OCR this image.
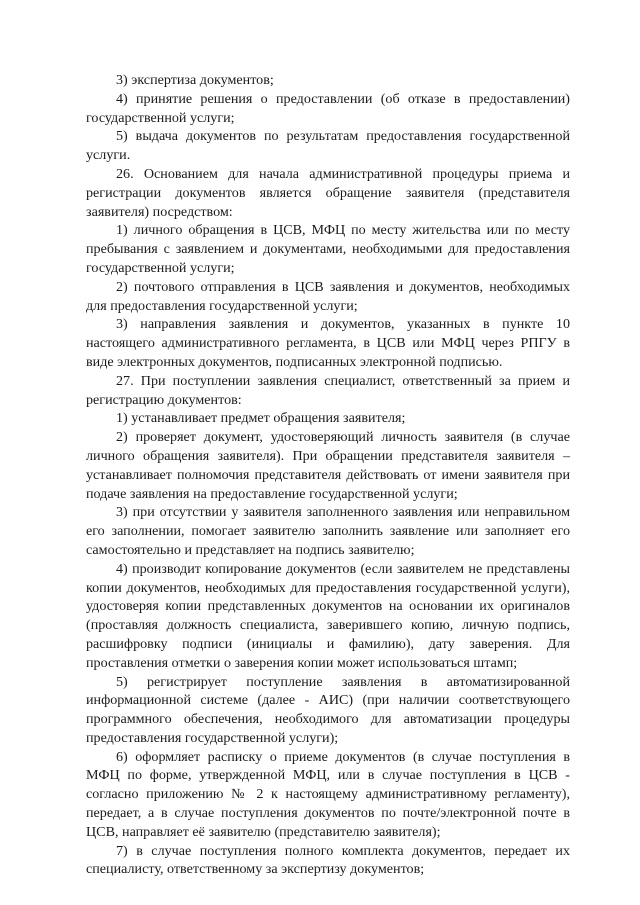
3) экспертиза документов;

4) принятие решения о предоставлении (об отказе в предоставлении) государственной услуги;

5) выдача документов по результатам предоставления государственной услуги.

26. Основанием для начала административной процедуры приема и регистрации документов является обращение заявителя (представителя заявителя) посредством:

1) личного обращения в ЦСВ, МФЦ по месту жительства или по месту пребывания с заявлением и документами, необходимыми для предоставления государственной услуги;

2) почтового отправления в ЦСВ заявления и документов, необходимых для предоставления государственной услуги;

3) направления заявления и документов, указанных в пункте 10 настоящего административного регламента, в ЦСВ или МФЦ через РПГУ в виде электронных документов, подписанных электронной подписью.

27. При поступлении заявления специалист, ответственный за прием и регистрацию документов:

1) устанавливает предмет обращения заявителя;

2) проверяет документ, удостоверяющий личность заявителя (в случае личного обращения заявителя). При обращении представителя заявителя – устанавливает полномочия представителя действовать от имени заявителя при подаче заявления на предоставление государственной услуги;

3) при отсутствии у заявителя заполненного заявления или неправильном его заполнении, помогает заявителю заполнить заявление или заполняет его самостоятельно и представляет на подпись заявителю;

4) производит копирование документов (если заявителем не представлены копии документов, необходимых для предоставления государственной услуги), удостоверяя копии представленных документов на основании их оригиналов (проставляя должность специалиста, заверившего копию, личную подпись, расшифровку подписи (инициалы и фамилию), дату заверения. Для проставления отметки о заверения копии может использоваться штамп;

5) регистрирует поступление заявления в автоматизированной информационной системе (далее - АИС) (при наличии соответствующего программного обеспечения, необходимого для автоматизации процедуры предоставления государственной услуги);

6) оформляет расписку о приеме документов (в случае поступления в МФЦ по форме, утвержденной МФЦ, или в случае поступления в ЦСВ - согласно приложению № 2 к настоящему административному регламенту), передает, а в случае поступления документов по почте/электронной почте в ЦСВ, направляет её заявителю (представителю заявителя);

7) в случае поступления полного комплекта документов, передает их специалисту, ответственному за экспертизу документов;
